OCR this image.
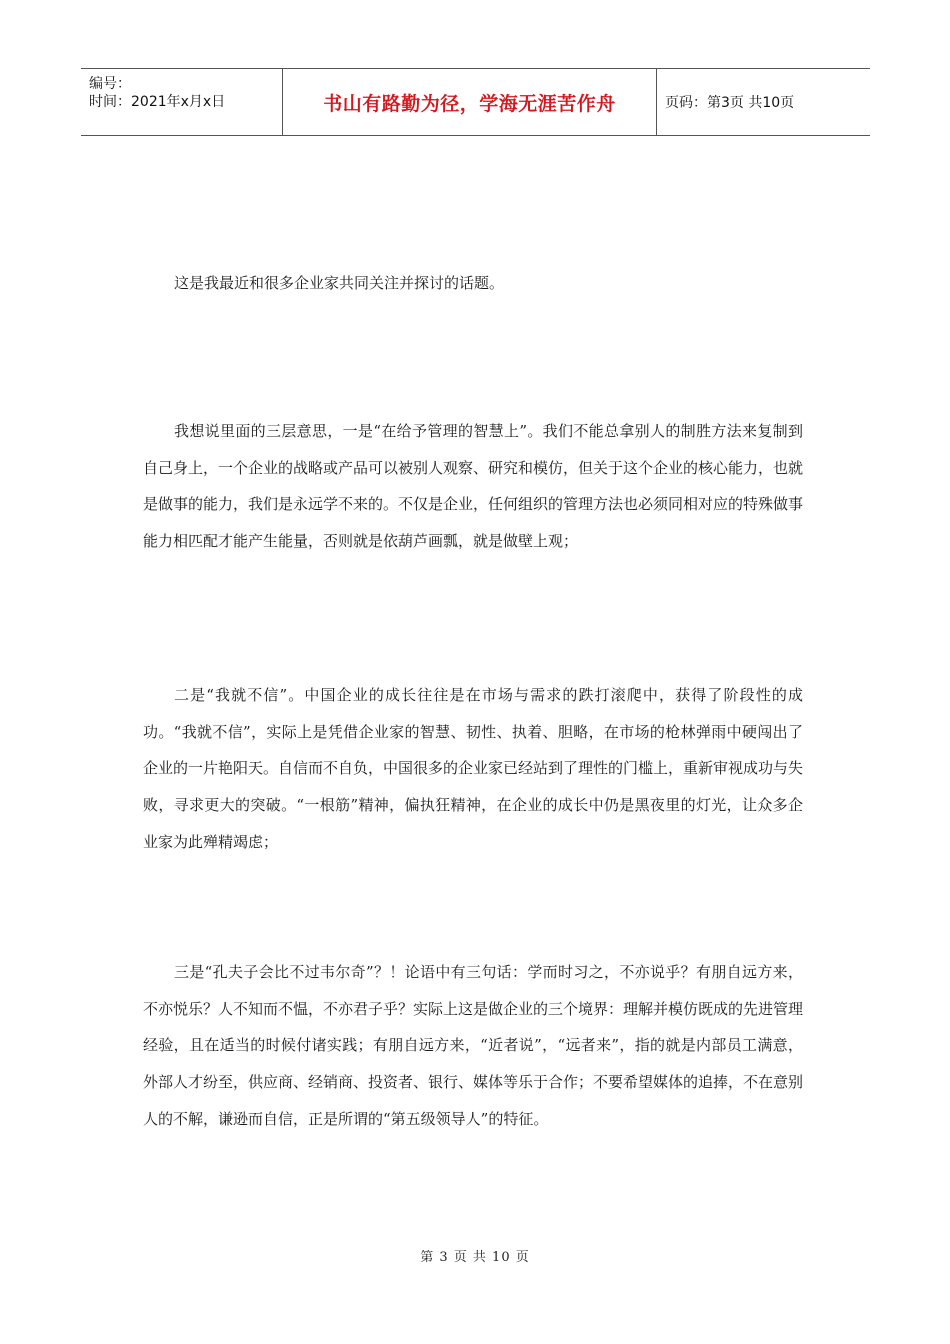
编号：
时间：2021年x月x日	书山有路勤为径，学海无涯苦作舟	页码：第3页 共10页

这是我最近和很多企业家共同关注并探讨的话题。

我想说里面的三层意思，一是“在给予管理的智慧上”。我们不能总拿别人的制胜方法来复制到自己身上，一个企业的战略或产品可以被别人观察、研究和模仿，但关于这个企业的核心能力，也就是做事的能力，我们是永远学不来的。不仅是企业，任何组织的管理方法也必须同相对应的特殊做事能力相匹配才能产生能量，否则就是依葫芦画瓢，就是做壁上观；

二是“我就不信”。中国企业的成长往往是在市场与需求的跌打滚爬中，获得了阶段性的成功。“我就不信”，实际上是凭借企业家的智慧、韧性、执着、胆略，在市场的枪林弹雨中硬闯出了企业的一片艳阳天。自信而不自负，中国很多的企业家已经站到了理性的门槛上，重新审视成功与失败，寻求更大的突破。“一根筋”精神，偏执狂精神，在企业的成长中仍是黑夜里的灯光，让众多企业家为此殚精竭虑；

三是“孔夫子会比不过韦尔奇”？！论语中有三句话：学而时习之，不亦说乎？有朋自远方来，不亦悦乐？人不知而不愠，不亦君子乎？实际上这是做企业的三个境界：理解并模仿既成的先进管理经验，且在适当的时候付诸实践；有朋自远方来，“近者说”，“远者来”，指的就是内部员工满意，外部人才纷至，供应商、经销商、投资者、银行、媒体等乐于合作；不要希望媒体的追捧，不在意别人的不解，谦逊而自信，正是所谓的“第五级领导人”的特征。

第 3 页 共 10 页
